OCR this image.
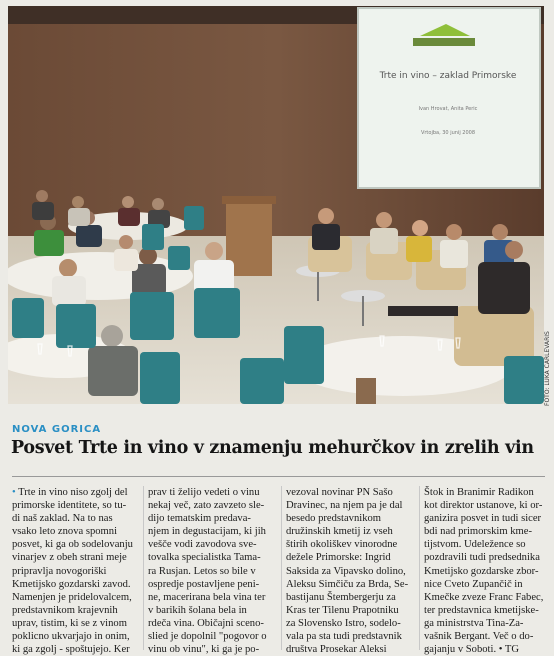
Trte in vino – zaklad Primorske
Ivan Hrovat, Anita Peric
Vrtojba, 30 junij 2008
FOTO: LUKA CARLEVARIS
NOVA GORICA
Posvet Trte in vino v znamenju mehurčkov in zrelih vin

• Trte in vino niso zgolj del

primorske identitete, so tu-

di naš zaklad. Na to nas

vsako leto znova spomni

posvet, ki ga ob sodelovanju

vinarjev z obeh strani meje

pripravlja novogoriški

Kmetijsko gozdarski zavod.

Namenjen je pridelovalcem,

predstavnikom krajevnih

uprav, tistim, ki se z vinom

poklicno ukvarjajo in onim,

ki ga zgolj - spoštujejo. Ker

prav ti želijo vedeti o vinu

nekaj več, zato zavzeto sle-

dijo tematskim predava-

njem in degustacijam, ki jih

vešče vodi zavodova sve-

tovalka specialistka Tama-

ra Rusjan. Letos so bile v

ospredje postavljene peni-

ne, macerirana bela vina ter

v barikih šolana bela in

rdeča vina. Običajni sceno-

slied je dopolnil "pogovor o

vinu ob vinu", ki ga je po-

vezoval novinar PN Sašo

Dravinec, na njem pa je dal

besedo predstavnikom

družinskih kmetij iz vseh

štirih okoliškev vinorodne

dežele Primorske: Ingrid

Saksida za Vipavsko dolino,

Aleksu Simčiču za Brda, Se-

bastijanu Štembergerju za

Kras ter Tilenu Prapotniku

za Slovensko Istro, sodelo-

vala pa sta tudi predstavnik

društva Prosekar Aleksi

Štok in Branimir Radikon

kot direktor ustanove, ki or-

ganizira posvet in tudi sicer

bdi nad primorskim kme-

tijstvom. Udeležence so

pozdravili tudi predsednika

Kmetijsko gozdarske zbor-

nice Cveto Zupančič in

Kmečke zveze Franc Fabec,

ter predstavnica kmetijske-

ga ministrstva Tina-Za-

vašnik Bergant. Več o do-

gajanju v Soboti. • TG
